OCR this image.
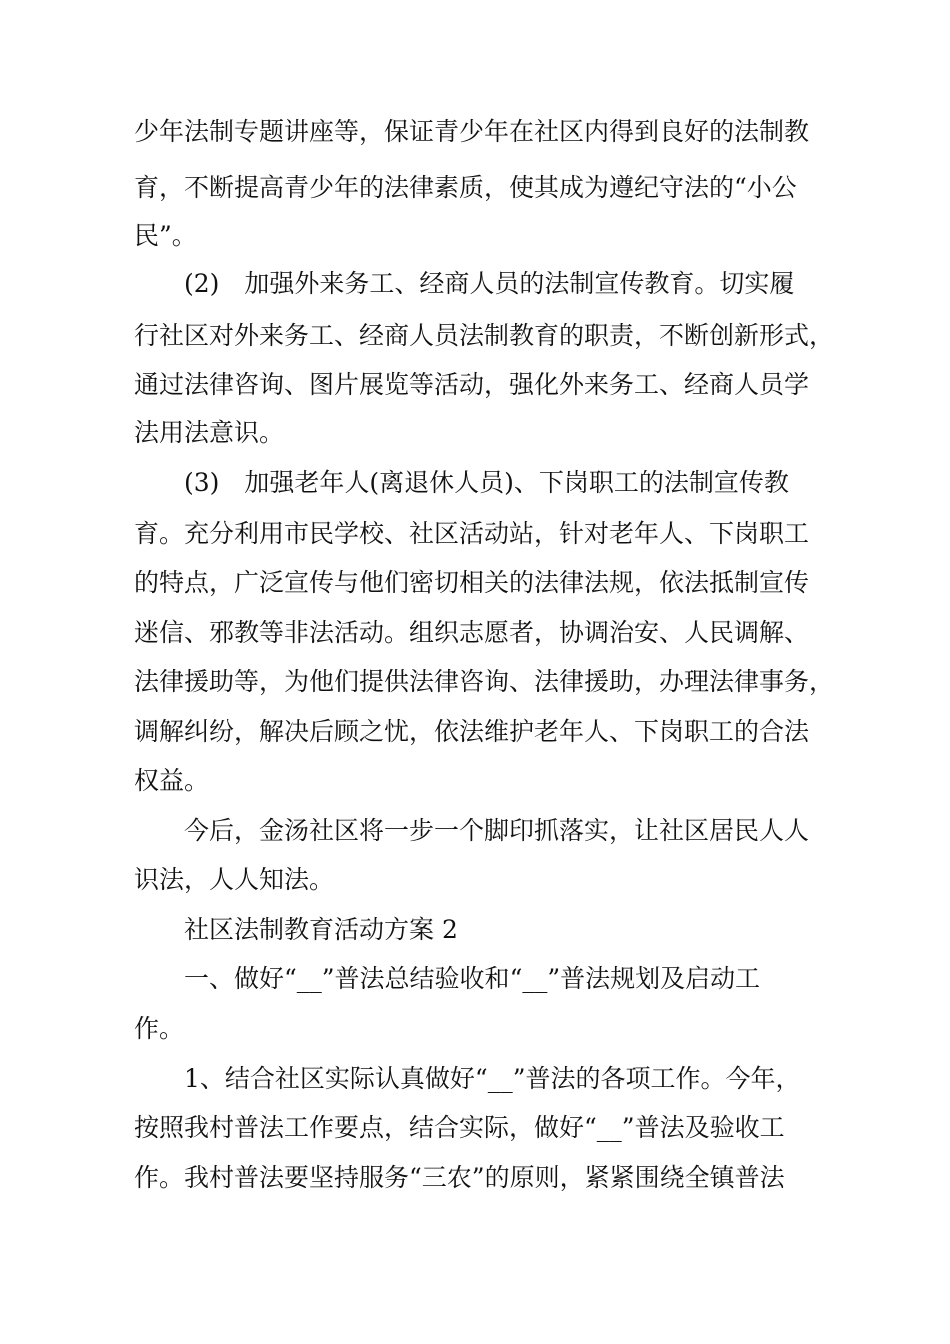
少年法制专题讲座等，保证青少年在社区内得到良好的法制教
育，不断提高青少年的法律素质，使其成为遵纪守法的“小公
民”。
(2)　加强外来务工、经商人员的法制宣传教育。切实履
行社区对外来务工、经商人员法制教育的职责，不断创新形式，
通过法律咨询、图片展览等活动，强化外来务工、经商人员学
法用法意识。
(3)　加强老年人(离退休人员)、下岗职工的法制宣传教
育。充分利用市民学校、社区活动站，针对老年人、下岗职工
的特点，广泛宣传与他们密切相关的法律法规，依法抵制宣传
迷信、邪教等非法活动。组织志愿者，协调治安、人民调解、
法律援助等，为他们提供法律咨询、法律援助，办理法律事务，
调解纠纷，解决后顾之忧，依法维护老年人、下岗职工的合法
权益。
今后，金汤社区将一步一个脚印抓落实，让社区居民人人
识法，人人知法。
社区法制教育活动方案 2
一、做好“__”普法总结验收和“__”普法规划及启动工
作。
1、结合社区实际认真做好“__”普法的各项工作。今年，
按照我村普法工作要点，结合实际，做好“__”普法及验收工
作。我村普法要坚持服务“三农”的原则，紧紧围绕全镇普法
